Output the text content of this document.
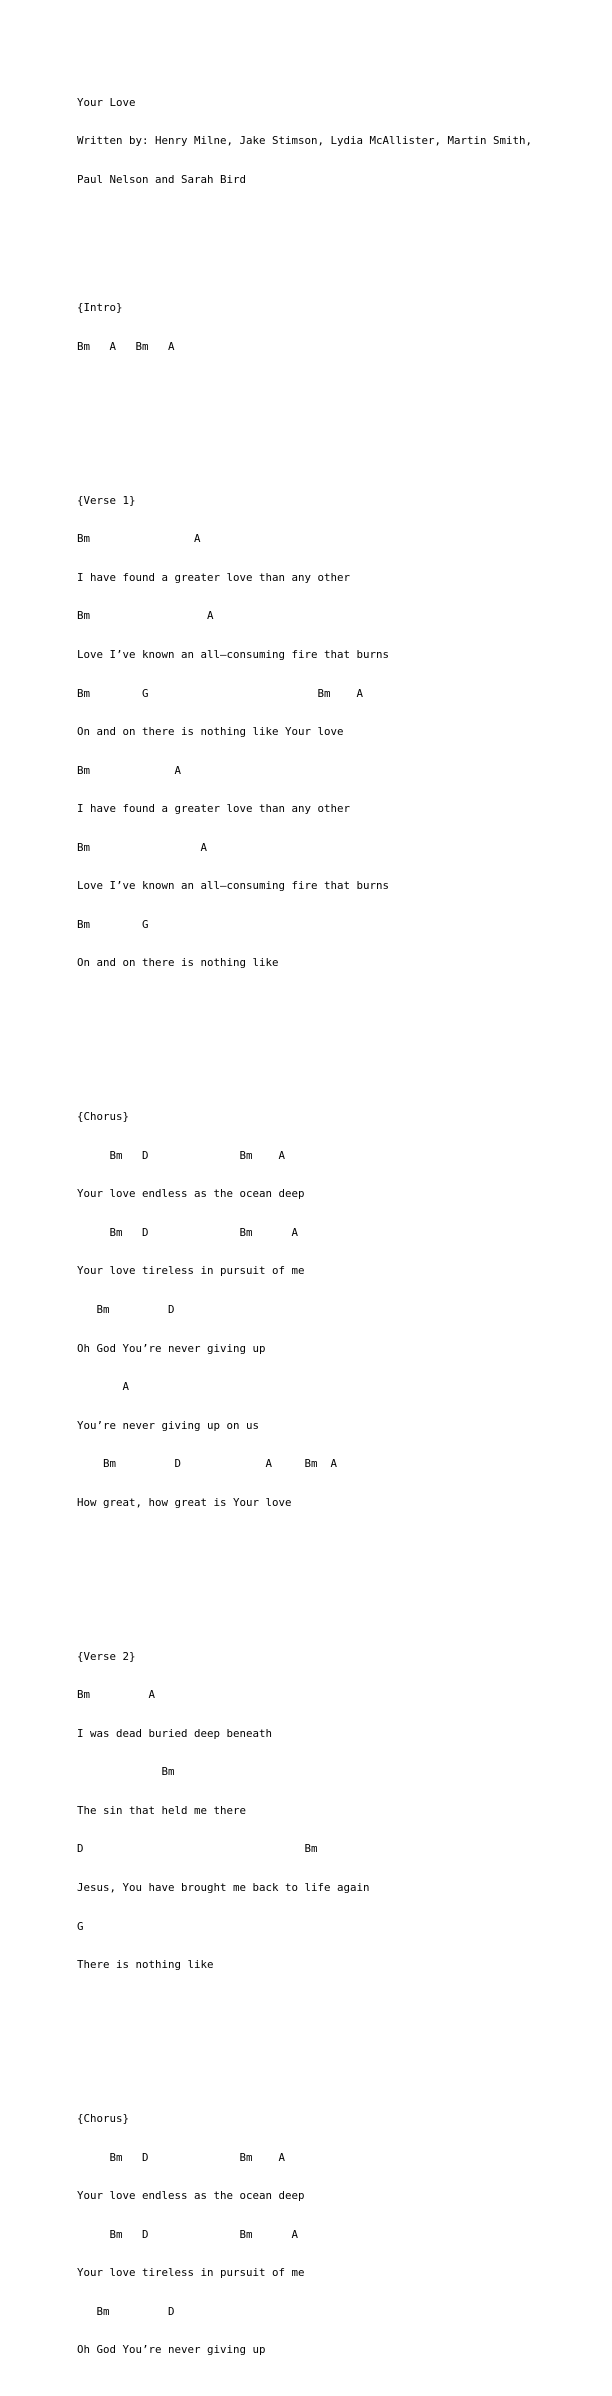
Your Love

Written by: Henry Milne, Jake Stimson, Lydia McAllister, Martin Smith,

Paul Nelson and Sarah Bird

{Intro}

Bm   A   Bm   A

{Verse 1}

Bm                A

I have found a greater love than any other

Bm                  A

Love I’ve known an all–consuming fire that burns

Bm        G                          Bm    A

On and on there is nothing like Your love

Bm             A

I have found a greater love than any other

Bm                 A

Love I’ve known an all–consuming fire that burns

Bm        G

On and on there is nothing like

{Chorus}

Bm   D              Bm    A

Your love endless as the ocean deep

Bm   D              Bm      A

Your love tireless in pursuit of me

Bm         D

Oh God You’re never giving up

A

You’re never giving up on us

Bm         D             A     Bm  A

How great, how great is Your love

{Verse 2}

Bm         A

I was dead buried deep beneath

Bm

The sin that held me there

D                                  Bm

Jesus, You have brought me back to life again

G

There is nothing like

{Chorus}

Bm   D              Bm    A

Your love endless as the ocean deep

Bm   D              Bm      A

Your love tireless in pursuit of me

Bm         D

Oh God You’re never giving up
